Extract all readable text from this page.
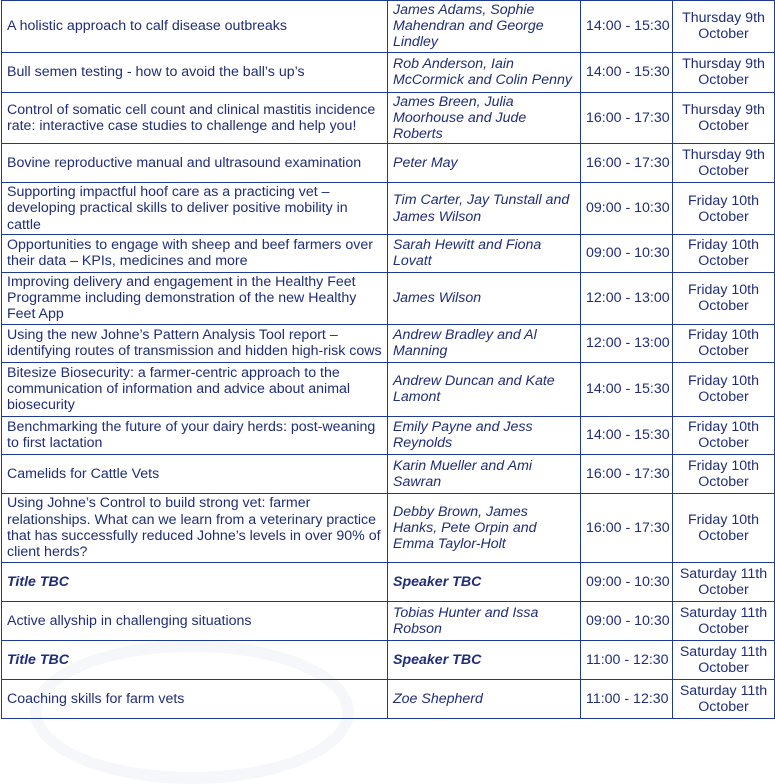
A holistic approach to calf disease outbreaks	James Adams, Sophie Mahendran and George Lindley	14:00 - 15:30	Thursday 9th October
Bull semen testing - how to avoid the ball’s up’s	Rob Anderson, Iain McCormick and Colin Penny	14:00 - 15:30	Thursday 9th October
Control of somatic cell count and clinical mastitis incidence rate: interactive case studies to challenge and help you!	James Breen, Julia Moorhouse and Jude Roberts	16:00 - 17:30	Thursday 9th October
Bovine reproductive manual and ultrasound examination	Peter May	16:00 - 17:30	Thursday 9th October
Supporting impactful hoof care as a practicing vet – developing practical skills to deliver positive mobility in cattle	Tim Carter, Jay Tunstall and James Wilson	09:00 - 10:30	Friday 10th October
Opportunities to engage with sheep and beef farmers over their data – KPIs, medicines and more	Sarah Hewitt and Fiona Lovatt	09:00 - 10:30	Friday 10th October
Improving delivery and engagement in the Healthy Feet Programme including demonstration of the new Healthy Feet App	James Wilson	12:00 - 13:00	Friday 10th October
Using the new Johne’s Pattern Analysis Tool report – identifying routes of transmission and hidden high-risk cows	Andrew Bradley and Al Manning	12:00 - 13:00	Friday 10th October
Bitesize Biosecurity: a farmer-centric approach to the communication of information and advice about animal biosecurity	Andrew Duncan and Kate Lamont	14:00 - 15:30	Friday 10th October
Benchmarking the future of your dairy herds: post-weaning to first lactation	Emily Payne and Jess Reynolds	14:00 - 15:30	Friday 10th October
Camelids for Cattle Vets	Karin Mueller and Ami Sawran	16:00 - 17:30	Friday 10th October
Using Johne’s Control to build strong vet: farmer relationships. What can we learn from a veterinary practice that has successfully reduced Johne’s levels in over 90% of client herds?	Debby Brown, James Hanks, Pete Orpin and Emma Taylor-Holt	16:00 - 17:30	Friday 10th October
Title TBC	Speaker TBC	09:00 - 10:30	Saturday 11th October
Active allyship in challenging situations	Tobias Hunter and Issa Robson	09:00 - 10:30	Saturday 11th October
Title TBC	Speaker TBC	11:00 - 12:30	Saturday 11th October
Coaching skills for farm vets	Zoe Shepherd	11:00 - 12:30	Saturday 11th October
